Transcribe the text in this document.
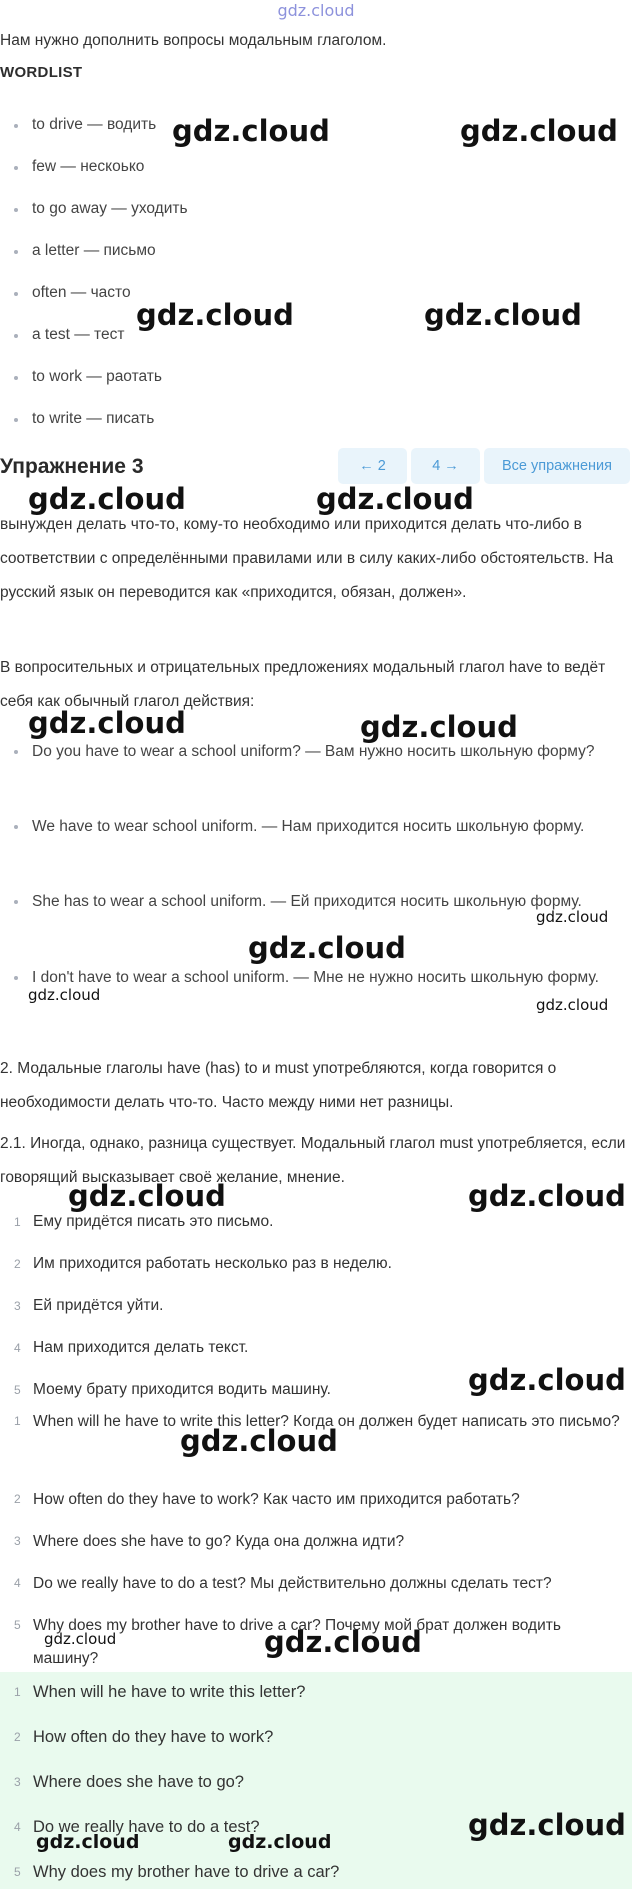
gdz.cloud
Нам нужно дополнить вопросы модальным глаголом.
WORDLIST
to drive — водить
few — нескоько
to go away — уходить
a letter — письмо
often — часто
a test — тест
to work — раотать
to write — писать
Упражнение 3	← 2	4 →	Все упражнения
вынужден делать что-то, кому-то необходимо или приходится делать что-либо в соответствии с определёнными правилами или в силу каких-либо обстоятельств. На русский язык он переводится как «приходится, обязан, должен».
В вопросительных и отрицательных предложениях модальный глагол have to ведёт себя как обычный глагол действия:
Do you have to wear a school uniform? — Вам нужно носить школьную форму?
We have to wear school uniform. — Нам приходится носить школьную форму.
She has to wear a school uniform. — Ей приходится носить школьную форму.
I don't have to wear a school uniform. — Мне не нужно носить школьную форму.
2. Модальные глаголы have (has) to и must употребляются, когда говорится о необходимости делать что-то. Часто между ними нет разницы.
2.1. Иногда, однако, разница существует. Модальный глагол must употребляется, если говорящий высказывает своё желание, мнение.
1 Ему придётся писать это письмо.
2 Им приходится работать несколько раз в неделю.
3 Ей придётся уйти.
4 Нам приходится делать текст.
5 Моему брату приходится водить машину.
1 When will he have to write this letter? Когда он должен будет написать это письмо?
2 How often do they have to work? Как часто им приходится работать?
3 Where does she have to go? Куда она должна идти?
4 Do we really have to do a test? Мы действительно должны сделать тест?
5 Why does my brother have to drive a car? Почему мой брат должен водить машину?
1 When will he have to write this letter?
2 How often do they have to work?
3 Where does she have to go?
4 Do we really have to do a test?
5 Why does my brother have to drive a car?
gdz.cloud	gdz.cloud
gdz.cloud	gdz.cloud
gdz.cloud	gdz.cloud
gdz.cloud	gdz.cloud
gdz.cloud
gdz.cloud
gdz.cloud
gdz.cloud
gdz.cloud	gdz.cloud
gdz.cloud
gdz.cloud
gdz.cloud	gdz.cloud
gdz.cloud
gdz.cloud	gdz.cloud
